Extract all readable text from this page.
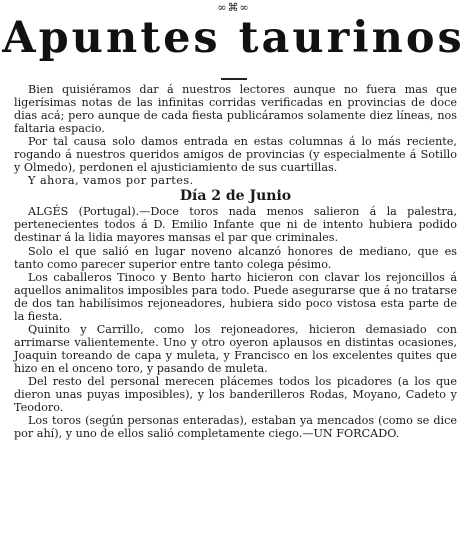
∞⌘∞
Apuntes taurinos

Bien quisiéramos dar á nuestros lectores aunque no fuera mas que ligerísimas notas de las infinitas corridas verificadas en provincias de doce dias acá; pero aunque de cada fiesta publicáramos solamente diez líneas, nos faltaria espacio.

Por tal causa solo damos entrada en estas columnas á lo más reciente, rogando á nuestros queridos amigos de provincias (y especialmente á Sotillo y Olmedo), perdonen el ajusticiamiento de sus cuartillas.

Y ahora, vamos por partes.

Día 2 de Junio

ALGÉS (Portugal).—Doce toros nada menos salieron á la palestra, pertenecientes todos á D. Emilio Infante que ni de intento hubiera podido destinar á la lidia mayores mansas el par que criminales.

Solo el que salió en lugar noveno alcanzó honores de mediano, que es tanto como parecer superior entre tanto colega pésimo.

Los caballeros Tinoco y Bento harto hicieron con clavar los rejoncillos á aquellos animalitos imposibles para todo. Puede asegurarse que á no tratarse de dos tan habilísimos rejoneadores, hubiera sido poco vistosa esta parte de la fiesta.

Quinito y Carrillo, como los rejoneadores, hicieron demasiado con arrimarse valientemente. Uno y otro oyeron aplausos en distintas ocasiones, Joaquin toreando de capa y muleta, y Francisco en los excelentes quites que hizo en el onceno toro, y pasando de muleta.

Del resto del personal merecen plácemes todos los picadores (a los que dieron unas puyas imposibles), y los banderilleros Rodas, Moyano, Cadeto y Teodoro.

Los toros (según personas enteradas), estaban ya mencados (como se dice por ahí), y uno de ellos salió completamente ciego.—UN FORCADO.
